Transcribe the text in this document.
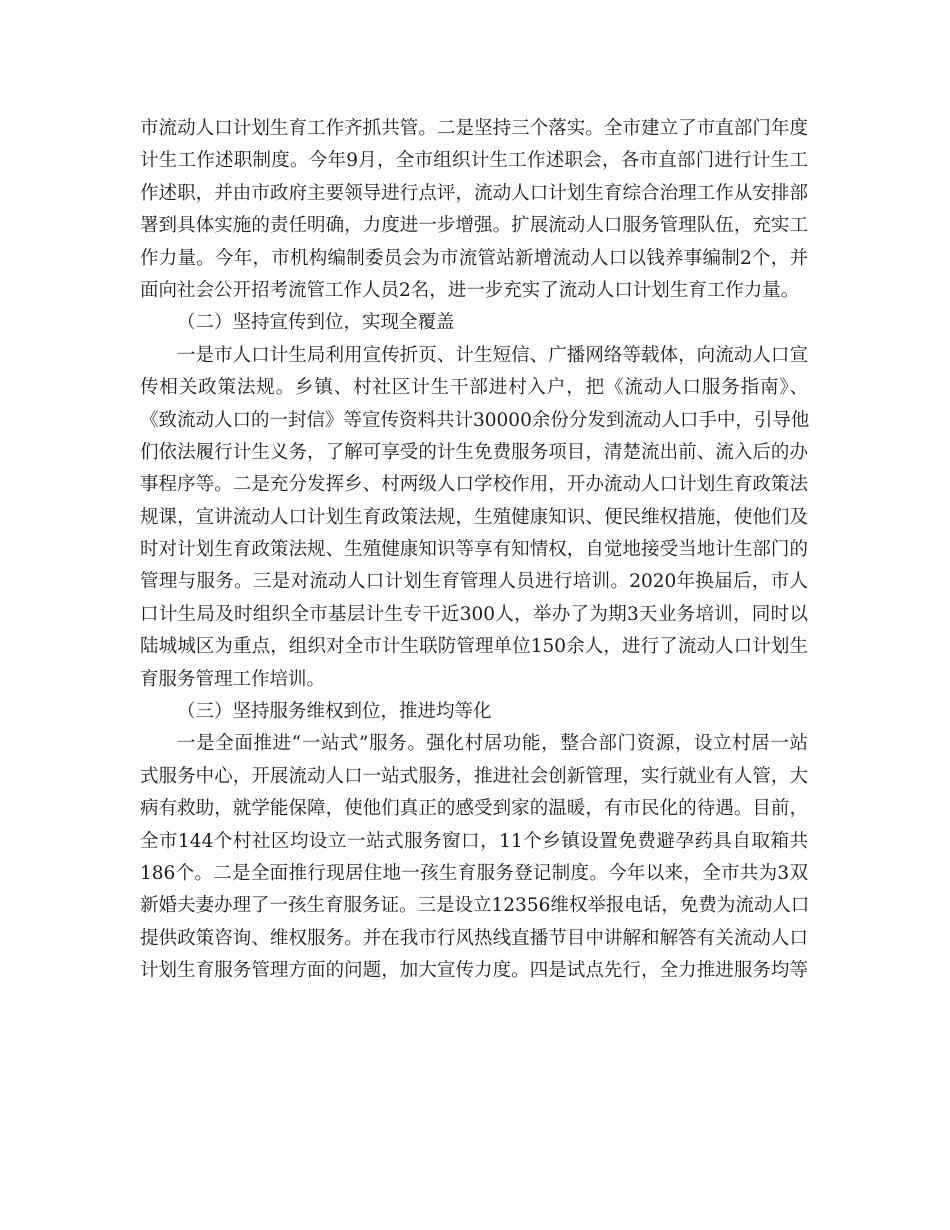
市流动人口计划生育工作齐抓共管。二是坚持三个落实。全市建立了市直部门年度
计生工作述职制度。今年9月，全市组织计生工作述职会，各市直部门进行计生工
作述职，并由市政府主要领导进行点评，流动人口计划生育综合治理工作从安排部
署到具体实施的责任明确，力度进一步增强。扩展流动人口服务管理队伍，充实工
作力量。今年，市机构编制委员会为市流管站新增流动人口以钱养事编制2个，并
面向社会公开招考流管工作人员2名，进一步充实了流动人口计划生育工作力量。
（二）坚持宣传到位，实现全覆盖
一是市人口计生局利用宣传折页、计生短信、广播网络等载体，向流动人口宣
传相关政策法规。乡镇、村社区计生干部进村入户，把《流动人口服务指南》、
《致流动人口的一封信》等宣传资料共计30000余份分发到流动人口手中，引导他
们依法履行计生义务，了解可享受的计生免费服务项目，清楚流出前、流入后的办
事程序等。二是充分发挥乡、村两级人口学校作用，开办流动人口计划生育政策法
规课，宣讲流动人口计划生育政策法规，生殖健康知识、便民维权措施，使他们及
时对计划生育政策法规、生殖健康知识等享有知情权，自觉地接受当地计生部门的
管理与服务。三是对流动人口计划生育管理人员进行培训。2020年换届后，市人
口计生局及时组织全市基层计生专干近300人，举办了为期3天业务培训，同时以
陆城城区为重点，组织对全市计生联防管理单位150余人，进行了流动人口计划生
育服务管理工作培训。
（三）坚持服务维权到位，推进均等化
一是全面推进“一站式”服务。强化村居功能，整合部门资源，设立村居一站
式服务中心，开展流动人口一站式服务，推进社会创新管理，实行就业有人管，大
病有救助，就学能保障，使他们真正的感受到家的温暖，有市民化的待遇。目前，
全市144个村社区均设立一站式服务窗口，11个乡镇设置免费避孕药具自取箱共
186个。二是全面推行现居住地一孩生育服务登记制度。今年以来，全市共为3双
新婚夫妻办理了一孩生育服务证。三是设立12356维权举报电话，免费为流动人口
提供政策咨询、维权服务。并在我市行风热线直播节目中讲解和解答有关流动人口
计划生育服务管理方面的问题，加大宣传力度。四是试点先行，全力推进服务均等
